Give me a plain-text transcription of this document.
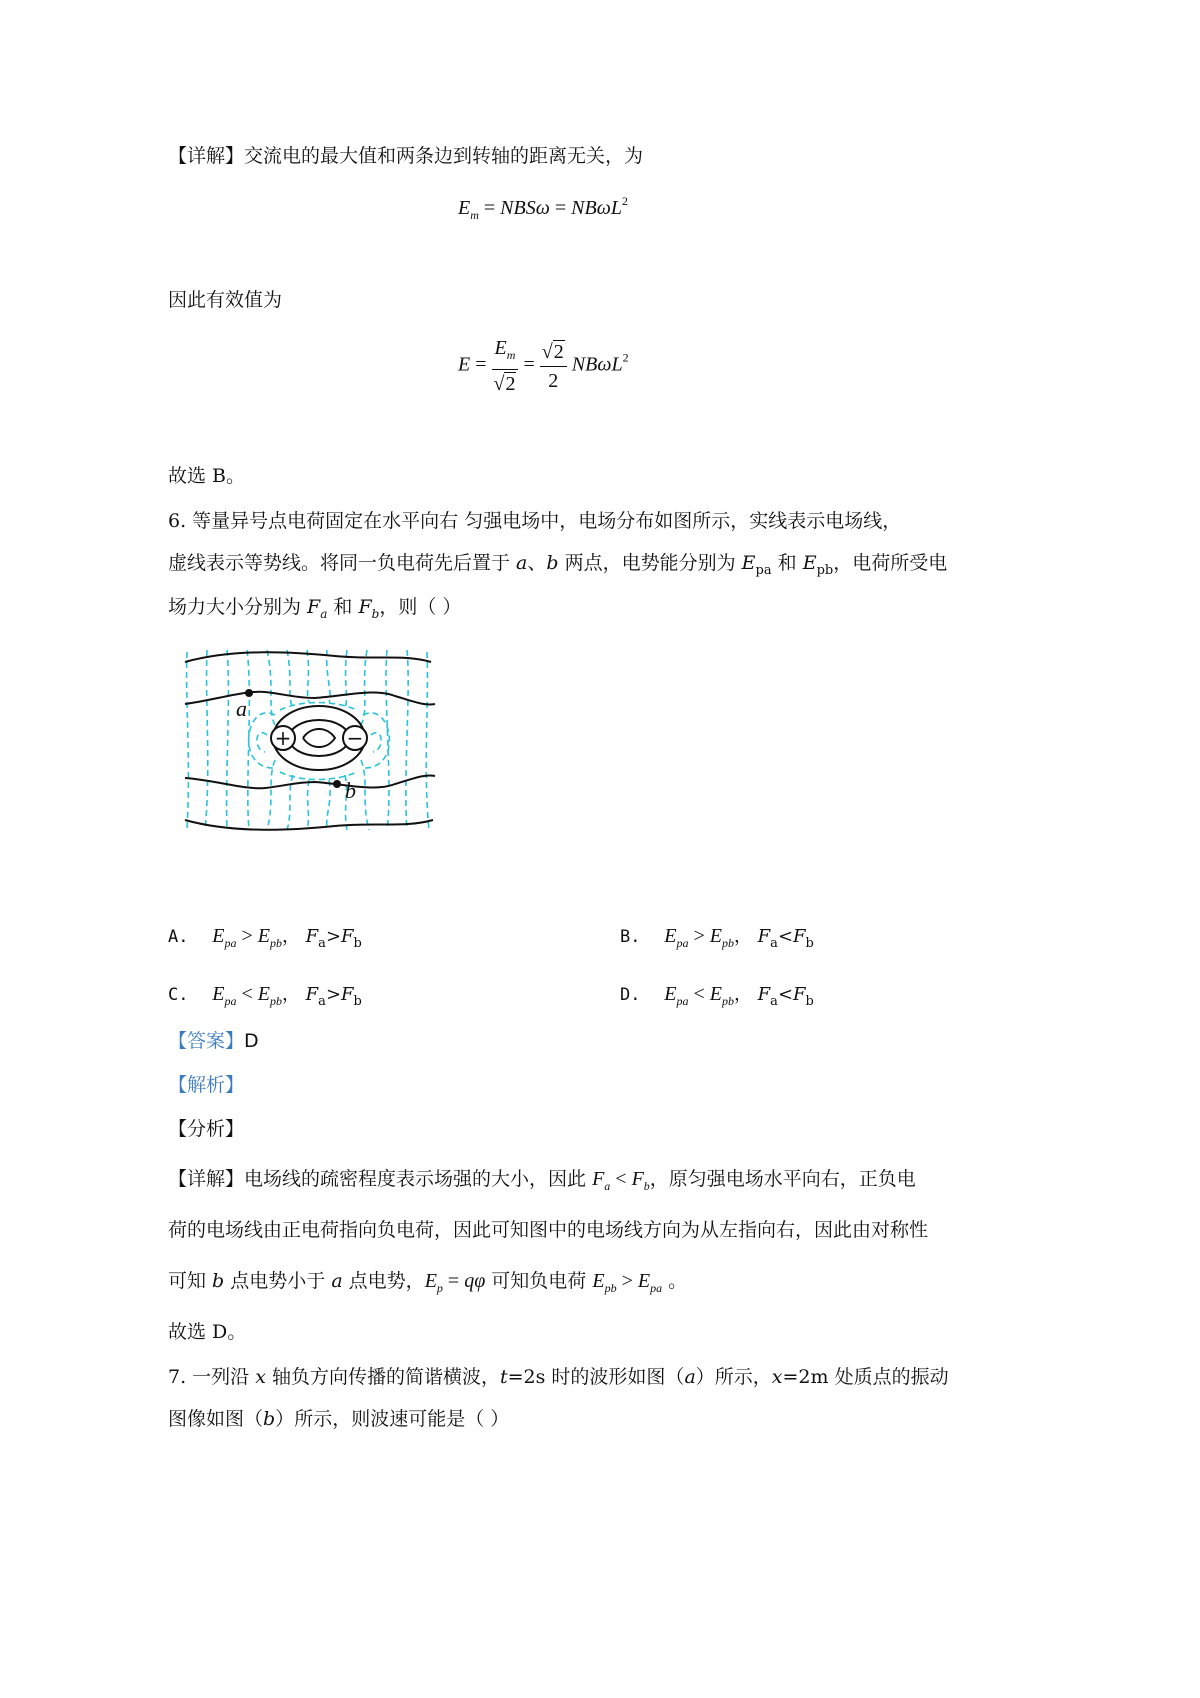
【详解】交流电的最大值和两条边到转轴的距离无关，为
$E_m = NBS\omega = NB\omega L^2$
因此有效值为
$E = \frac{E_m}{√2} = \frac{√2}{2} NB\omega L^2$
故选 B。
6. 等量异号点电荷固定在水平向右 匀强电场中，电场分布如图所示，实线表示电场线，
虚线表示等势线。将同一负电荷先后置于 a、b 两点，电势能分别为 $E_{pa}$ 和 $E_{pb}$，电荷所受电
场力大小分别为 $F_a$ 和 $F_b$，则（ ）
+	−
a
b
A. $E_{pa} > E_{pb}$， $F_a>F_b$	B. $E_{pa} > E_{pb}$， $F_a<F_b$
C. $E_{pa} < E_{pb}$， $F_a>F_b$	D. $E_{pa} < E_{pb}$， $F_a<F_b$
【答案】D
【解析】
【分析】
【详解】电场线的疏密程度表示场强的大小，因此 $F_a < F_b$，原匀强电场水平向右，正负电
荷的电场线由正电荷指向负电荷，因此可知图中的电场线方向为从左指向右，因此由对称性
可知 b 点电势小于 a 点电势，$E_p = q\varphi$ 可知负电荷 $E_{pb} > E_{pa}$ 。
故选 D。
7. 一列沿 x 轴负方向传播的简谐横波，t=2s 时的波形如图（a）所示，x=2m 处质点的振动
图像如图（b）所示，则波速可能是（ ）
